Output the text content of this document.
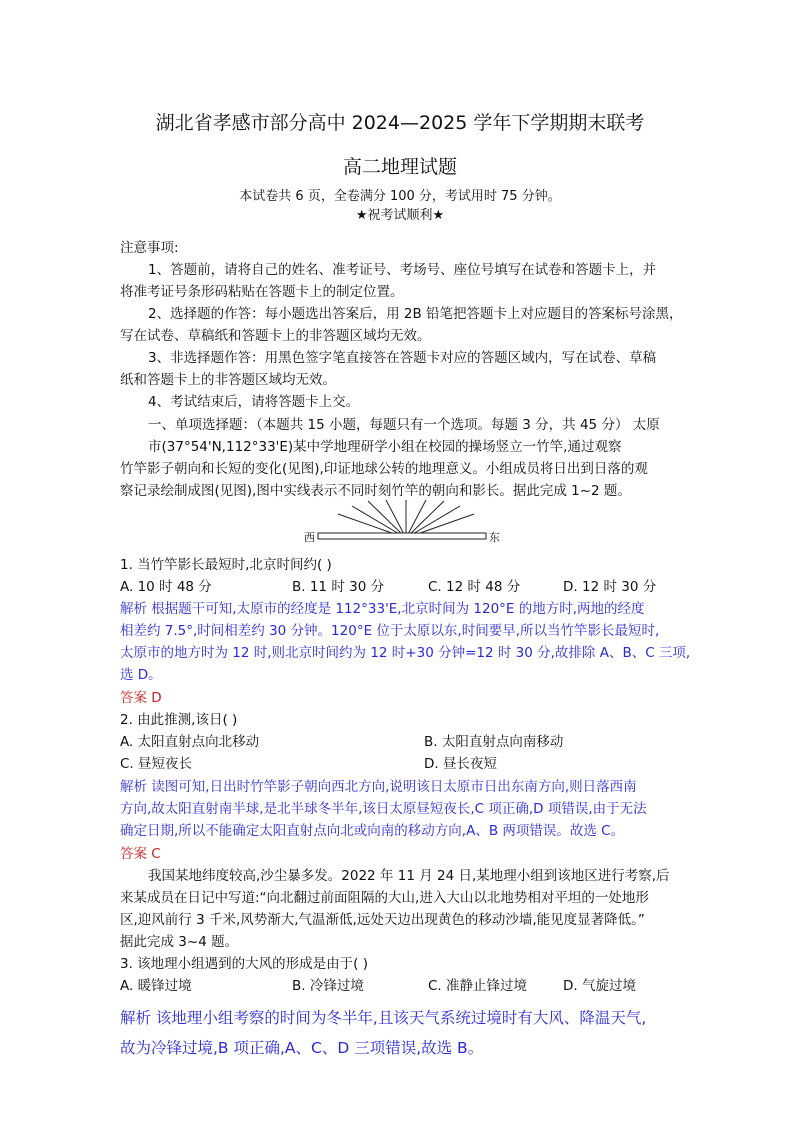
湖北省孝感市部分高中 2024—2025 学年下学期期末联考
高二地理试题
本试卷共 6 页，全卷满分 100 分，考试用时 75 分钟。
★祝考试顺利★
注意事项:
1、答题前，请将自己的姓名、准考证号、考场号、座位号填写在试卷和答题卡上，并
将准考证号条形码粘贴在答题卡上的制定位置。
2、选择题的作答：每小题选出答案后，用 2B 铅笔把答题卡上对应题目的答案标号涂黑，
写在试卷、草稿纸和答题卡上的非答题区域均无效。
3、非选择题作答：用黑色签字笔直接答在答题卡对应的答题区域内，写在试卷、草稿
纸和答题卡上的非答题区域均无效。
4、考试结束后，请将答题卡上交。
一、单项选择题：（本题共 15 小题，每题只有一个选项。每题 3 分，共 45 分） 太原
市(37°54'N,112°33'E)某中学地理研学小组在校园的操场竖立一竹竿,通过观察
竹竿影子朝向和长短的变化(见图),印证地球公转的地理意义。小组成员将日出到日落的观
察记录绘制成图(见图),图中实线表示不同时刻竹竿的朝向和影长。据此完成 1~2 题。
西	东
1. 当竹竿影长最短时,北京时间约( )
A. 10 时 48 分	B. 11 时 30 分	C. 12 时 48 分	D. 12 时 30 分
解析 根据题干可知,太原市的经度是 112°33'E,北京时间为 120°E 的地方时,两地的经度
相差约 7.5°,时间相差约 30 分钟。120°E 位于太原以东,时间要早,所以当竹竿影长最短时,
太原市的地方时为 12 时,则北京时间约为 12 时+30 分钟=12 时 30 分,故排除 A、B、C 三项,
选 D。
答案 D
2. 由此推测,该日( )
A. 太阳直射点向北移动	B. 太阳直射点向南移动
C. 昼短夜长	D. 昼长夜短
解析 读图可知,日出时竹竿影子朝向西北方向,说明该日太原市日出东南方向,则日落西南
方向,故太阳直射南半球,是北半球冬半年,该日太原昼短夜长,C 项正确,D 项错误,由于无法
确定日期,所以不能确定太阳直射点向北或向南的移动方向,A、B 两项错误。故选 C。
答案 C
我国某地纬度较高,沙尘暴多发。2022 年 11 月 24 日,某地理小组到该地区进行考察,后
来某成员在日记中写道:“向北翻过前面阻隔的大山,进入大山以北地势相对平坦的一处地形
区,迎风前行 3 千米,风势渐大,气温渐低,远处天边出现黄色的移动沙墙,能见度显著降低。”
据此完成 3~4 题。
3. 该地理小组遇到的大风的形成是由于( )
A. 暖锋过境	B. 冷锋过境	C. 准静止锋过境	D. 气旋过境
解析 该地理小组考察的时间为冬半年,且该天气系统过境时有大风、降温天气,
故为冷锋过境,B 项正确,A、C、D 三项错误,故选 B。
